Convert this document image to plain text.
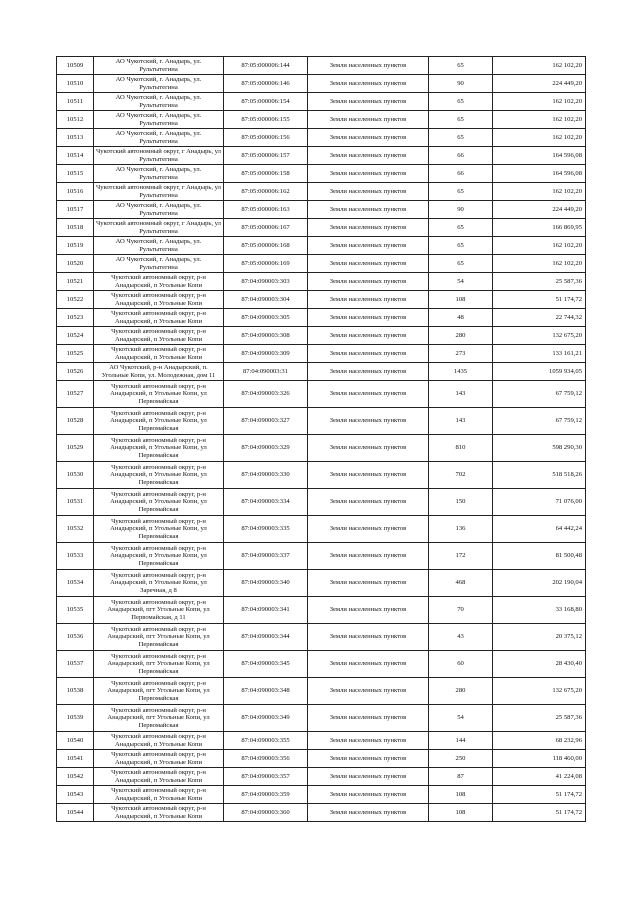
10509	АО Чукотский, г. Анадырь, ул. Рультытегина	87:05:000006:144	Земли населенных пунктов	65	162 102,20
10510	АО Чукотский, г. Анадырь, ул. Рультытегина	87:05:000006:146	Земли населенных пунктов	90	224 449,20
10511	АО Чукотский, г. Анадырь, ул. Рультытегина	87:05:000006:154	Земли населенных пунктов	65	162 102,20
10512	АО Чукотский, г. Анадырь, ул. Рультытегина	87:05:000006:155	Земли населенных пунктов	65	162 102,20
10513	АО Чукотский, г. Анадырь, ул. Рультытегина	87:05:000006:156	Земли населенных пунктов	65	162 102,20
10514	Чукотский автономный округ, г Анадырь, ул Рультытегина	87:05:000006:157	Земли населенных пунктов	66	164 596,08
10515	АО Чукотский, г. Анадырь, ул. Рультытегина	87:05:000006:158	Земли населенных пунктов	66	164 596,08
10516	Чукотский автономный округ, г Анадырь, ул Рультытегина	87:05:000006:162	Земли населенных пунктов	65	162 102,20
10517	АО Чукотский, г. Анадырь, ул. Рультытегина	87:05:000006:163	Земли населенных пунктов	90	224 449,20
10518	Чукотский автономный округ, г Анадырь, ул Рультытегина	87:05:000006:167	Земли населенных пунктов	65	166 869,95
10519	АО Чукотский, г. Анадырь, ул. Рультытегина	87:05:000006:168	Земли населенных пунктов	65	162 102,20
10520	АО Чукотский, г. Анадырь, ул. Рультытегина	87:05:000006:169	Земли населенных пунктов	65	162 102,20
10521	Чукотский автономный округ, р-н Анадырский, п Угольные Копи	87:04:090003:303	Земли населенных пунктов	54	25 587,36
10522	Чукотский автономный округ, р-н Анадырский, п Угольные Копи	87:04:090003:304	Земли населенных пунктов	108	51 174,72
10523	Чукотский автономный округ, р-н Анадырский, п Угольные Копи	87:04:090003:305	Земли населенных пунктов	48	22 744,32
10524	Чукотский автономный округ, р-н Анадырский, п Угольные Копи	87:04:090003:308	Земли населенных пунктов	280	132 675,20
10525	Чукотский автономный округ, р-н Анадырский, п Угольные Копи	87:04:090003:309	Земли населенных пунктов	273	133 161,21
10526	АО Чукотский, р-н Анадырский, п. Угольные Копи, ул. Молодежная, дом 11	87:04:090003:31	Земли населенных пунктов	1435	1059 934,05
10527	Чукотский автономный округ, р-н Анадырский, п Угольные Копи, ул Первомайская	87:04:090003:326	Земли населенных пунктов	143	67 759,12
10528	Чукотский автономный округ, р-н Анадырский, п Угольные Копи, ул Первомайская	87:04:090003:327	Земли населенных пунктов	143	67 759,12
10529	Чукотский автономный округ, р-н Анадырский, п Угольные Копи, ул Первомайская	87:04:090003:329	Земли населенных пунктов	810	598 290,30
10530	Чукотский автономный округ, р-н Анадырский, п Угольные Копи, ул Первомайская	87:04:090003:330	Земли населенных пунктов	702	518 518,26
10531	Чукотский автономный округ, р-н Анадырский, п Угольные Копи, ул Первомайская	87:04:090003:334	Земли населенных пунктов	150	71 076,00
10532	Чукотский автономный округ, р-н Анадырский, п Угольные Копи, ул Первомайская	87:04:090003:335	Земли населенных пунктов	136	64 442,24
10533	Чукотский автономный округ, р-н Анадырский, п Угольные Копи, ул Первомайская	87:04:090003:337	Земли населенных пунктов	172	81 500,48
10534	Чукотский автономный округ, р-н Анадырский, п Угольные Копи, ул Заречная, д 8	87:04:090003:340	Земли населенных пунктов	468	202 190,04
10535	Чукотский автономный округ, р-н Анадырский, пгт Угольные Копи, ул Первомайская, д 11	87:04:090003:341	Земли населенных пунктов	70	33 168,80
10536	Чукотский автономный округ, р-н Анадырский, пгт Угольные Копи, ул Первомайская	87:04:090003:344	Земли населенных пунктов	43	20 375,12
10537	Чукотский автономный округ, р-н Анадырский, пгт Угольные Копи, ул Первомайская	87:04:090003:345	Земли населенных пунктов	60	28 430,40
10538	Чукотский автономный округ, р-н Анадырский, пгт Угольные Копи, ул Первомайская	87:04:090003:348	Земли населенных пунктов	280	132 675,20
10539	Чукотский автономный округ, р-н Анадырский, пгт Угольные Копи, ул Первомайская	87:04:090003:349	Земли населенных пунктов	54	25 587,36
10540	Чукотский автономный округ, р-н Анадырский, п Угольные Копи	87:04:090003:355	Земли населенных пунктов	144	68 232,96
10541	Чукотский автономный округ, р-н Анадырский, п Угольные Копи	87:04:090003:356	Земли населенных пунктов	250	118 460,00
10542	Чукотский автономный округ, р-н Анадырский, п Угольные Копи	87:04:090003:357	Земли населенных пунктов	87	41 224,08
10543	Чукотский автономный округ, р-н Анадырский, п Угольные Копи	87:04:090003:359	Земли населенных пунктов	108	51 174,72
10544	Чукотский автономный округ, р-н Анадырский, п Угольные Копи	87:04:090003:360	Земли населенных пунктов	108	51 174,72
